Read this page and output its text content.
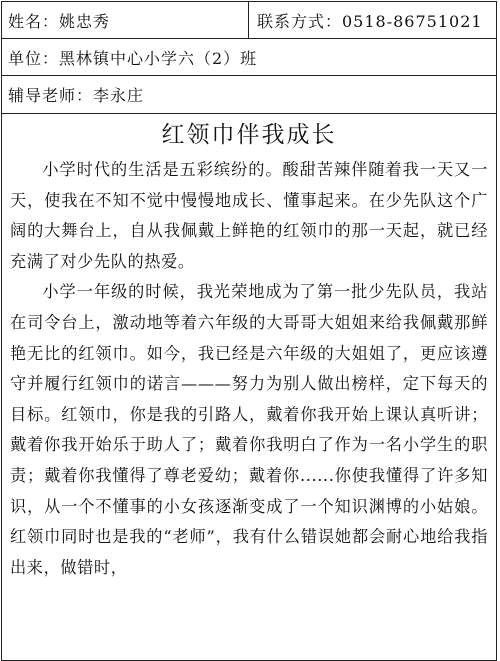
姓名：姚忠秀	联系方式：0518-86751021
单位：黑林镇中心小学六（2）班
辅导老师：李永庄
红领巾伴我成长

小学时代的生活是五彩缤纷的。酸甜苦辣伴随着我一天又一天，使我在不知不觉中慢慢地成长、懂事起来。在少先队这个广阔的大舞台上，自从我佩戴上鲜艳的红领巾的那一天起，就已经充满了对少先队的热爱。

小学一年级的时候，我光荣地成为了第一批少先队员，我站在司令台上，激动地等着六年级的大哥哥大姐姐来给我佩戴那鲜艳无比的红领巾。如今，我已经是六年级的大姐姐了，更应该遵守并履行红领巾的诺言———努力为别人做出榜样，定下每天的目标。红领巾，你是我的引路人，戴着你我开始上课认真听讲；戴着你我开始乐于助人了；戴着你我明白了作为一名小学生的职责；戴着你我懂得了尊老爱幼；戴着你......你使我懂得了许多知识，从一个不懂事的小女孩逐渐变成了一个知识渊博的小姑娘。红领巾同时也是我的“老师”，我有什么错误她都会耐心地给我指出来，做错时，
